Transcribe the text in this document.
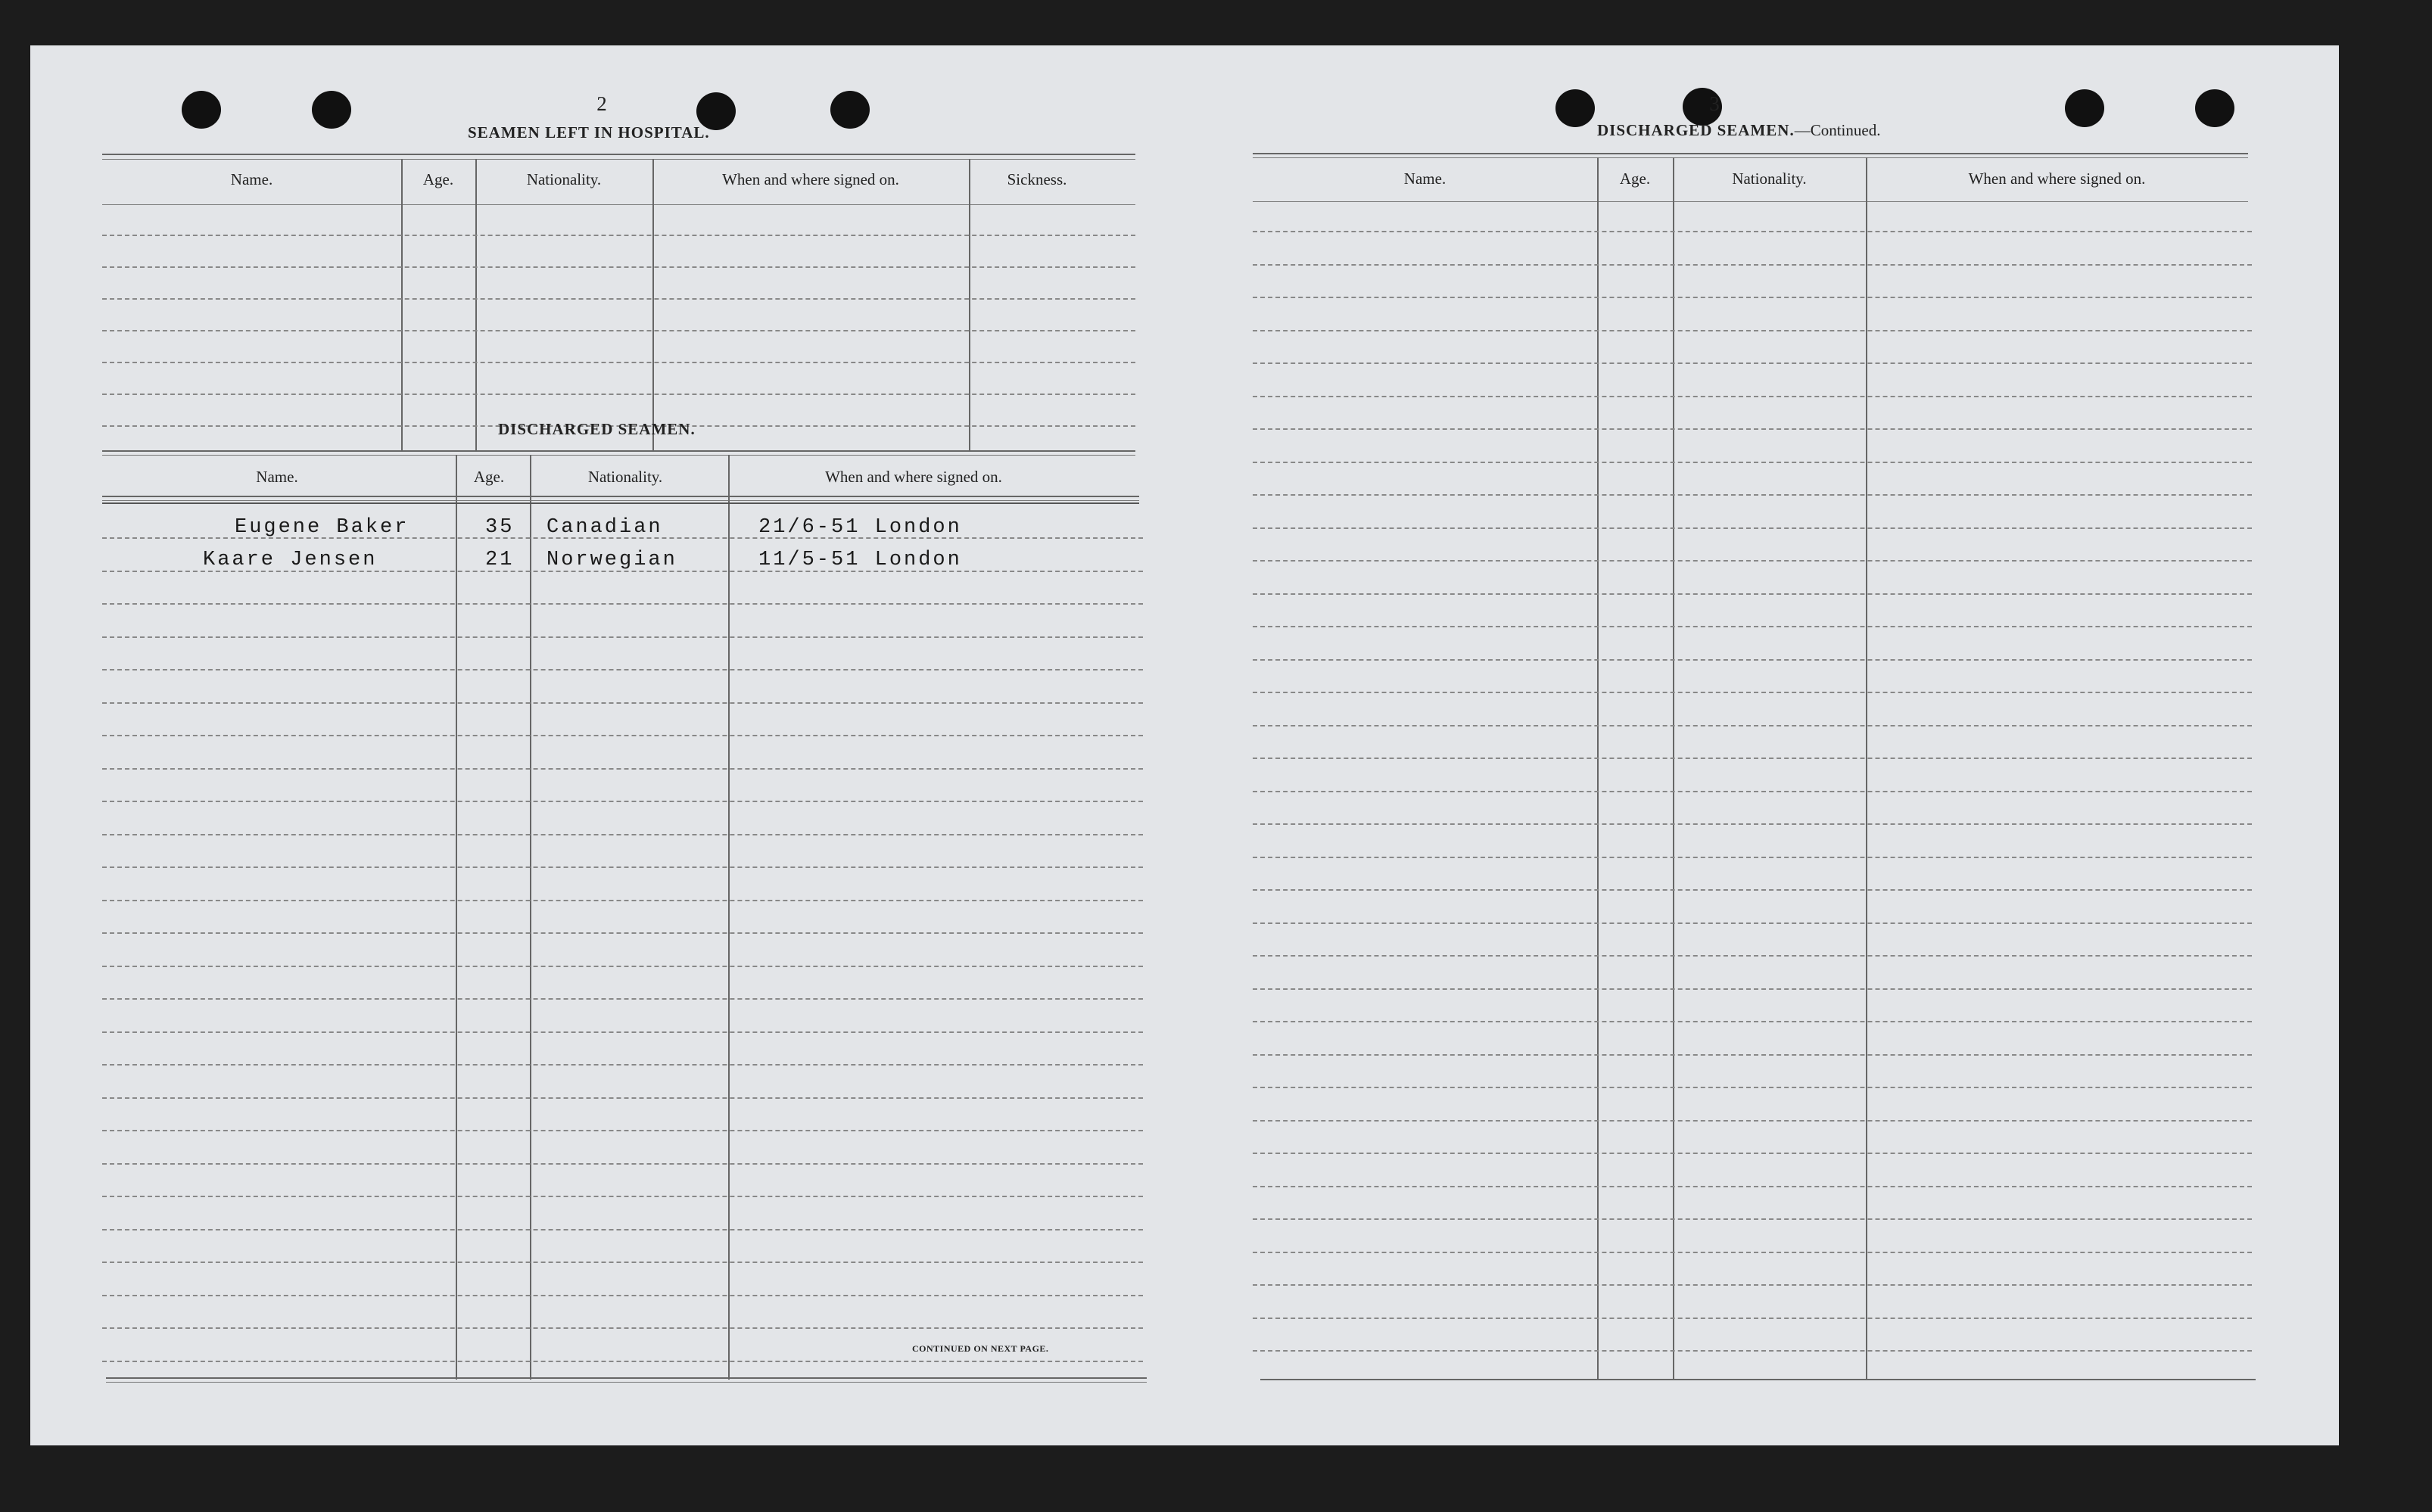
2
SEAMEN LEFT IN HOSPITAL.
Name.	Age.	Nationality.	When and where signed on.	Sickness.
DISCHARGED SEAMEN.
Name.	Age.	Nationality.	When and where signed on.
Eugene Baker	35 Canadian	21/6-51 London
Kaare Jensen	21 Norwegian	11/5-51 London
CONTINUED ON NEXT PAGE.
3
DISCHARGED SEAMEN.—Continued.
Name.	Age.	Nationality.	When and where signed on.
